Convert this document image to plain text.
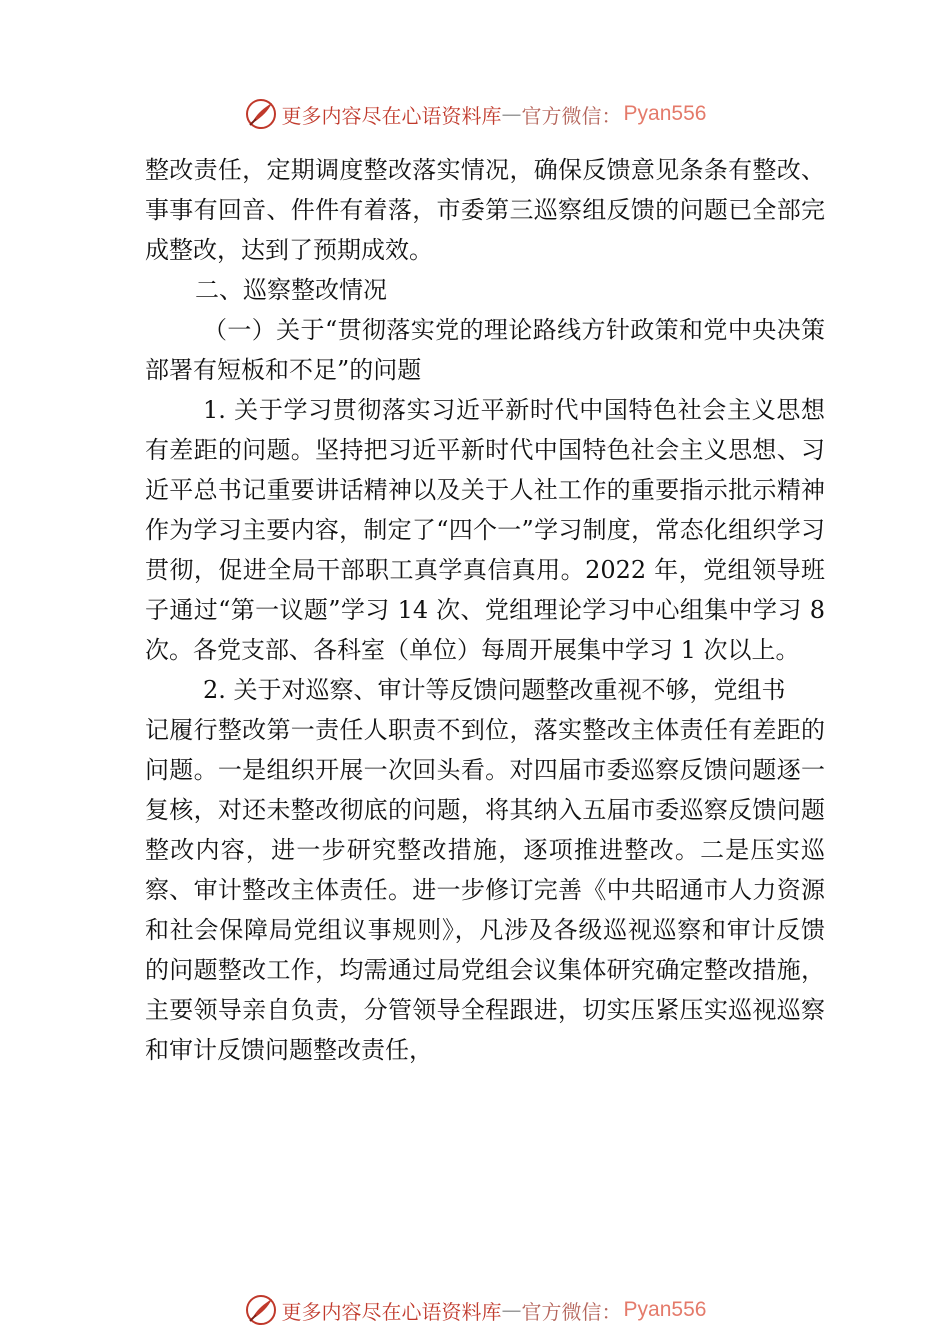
更多内容尽在心语资料库 — 官方微信： Pyan556

整改责任，定期调度整改落实情况，确保反馈意见条条有整改、事事有回音、件件有着落，市委第三巡察组反馈的问题已全部完成整改，达到了预期成效。

二、巡察整改情况

（一）关于“贯彻落实党的理论路线方针政策和党中央决策部署有短板和不足”的问题

1. 关于学习贯彻落实习近平新时代中国特色社会主义思想有差距的问题。坚持把习近平新时代中国特色社会主义思想、习近平总书记重要讲话精神以及关于人社工作的重要指示批示精神作为学习主要内容，制定了“四个一”学习制度，常态化组织学习贯彻，促进全局干部职工真学真信真用。2022 年，党组领导班子通过“第一议题”学习 14 次、党组理论学习中心组集中学习 8 次。各党支部、各科室（单位）每周开展集中学习 1 次以上。

2. 关于对巡察、审计等反馈问题整改重视不够，党组书

记履行整改第一责任人职责不到位，落实整改主体责任有差距的问题。一是组织开展一次回头看。对四届市委巡察反馈问题逐一复核，对还未整改彻底的问题，将其纳入五届市委巡察反馈问题整改内容，进一步研究整改措施，逐项推进整改。二是压实巡察、审计整改主体责任。进一步修订完善《中共昭通市人力资源和社会保障局党组议事规则》，凡涉及各级巡视巡察和审计反馈的问题整改工作，均需通过局党组会议集体研究确定整改措施，主要领导亲自负责，分管领导全程跟进，切实压紧压实巡视巡察和审计反馈问题整改责任，

更多内容尽在心语资料库 — 官方微信： Pyan556
